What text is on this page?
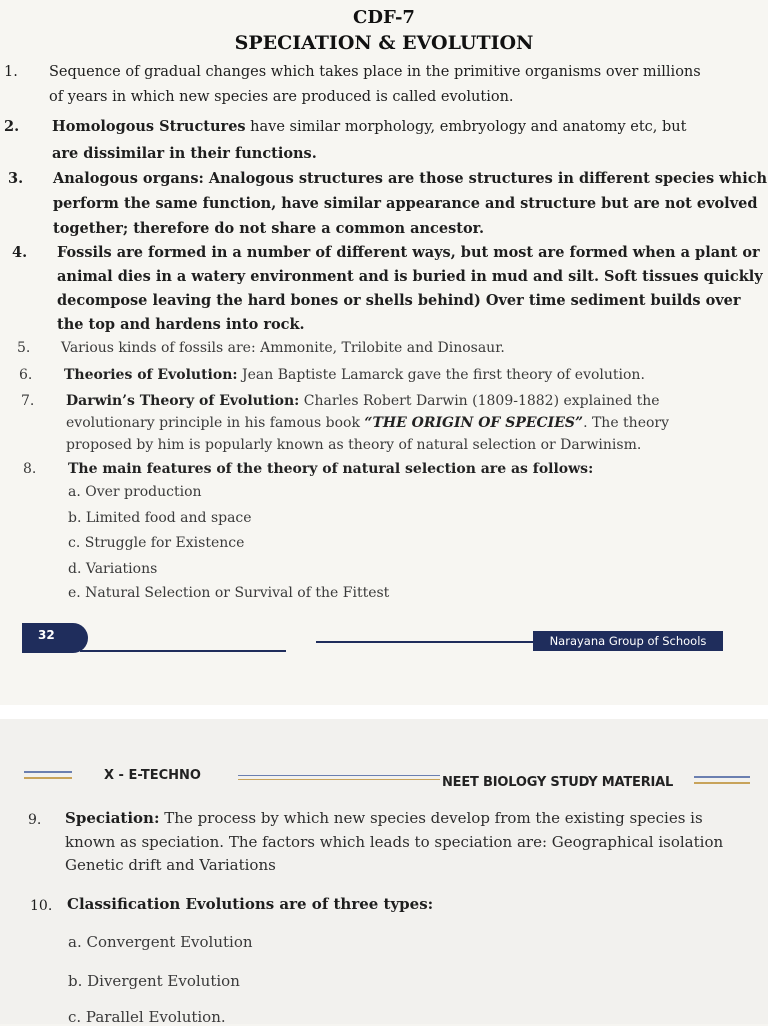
CDF-7
SPECIATION & EVOLUTION
1. Sequence of gradual changes which takes place in the primitive organisms over millions
of years in which new species are produced is called evolution.
2. Homologous Structures have similar morphology, embryology and anatomy etc, but
are dissimilar in their functions.
3. Analogous organs: Analogous structures are those structures in different species which
perform the same function, have similar appearance and structure but are not evolved
together; therefore do not share a common ancestor.
4. Fossils are formed in a number of different ways, but most are formed when a plant or
animal dies in a watery environment and is buried in mud and silt. Soft tissues quickly
decompose leaving the hard bones or shells behind) Over time sediment builds over
the top and hardens into rock.
5. Various kinds of fossils are: Ammonite, Trilobite and Dinosaur.
6. Theories of Evolution: Jean Baptiste Lamarck gave the first theory of evolution.
7. Darwin’s Theory of Evolution: Charles Robert Darwin (1809-1882) explained the
evolutionary principle in his famous book “THE ORIGIN OF SPECIES”. The theory
proposed by him is popularly known as theory of natural selection or Darwinism.
8. The main features of the theory of natural selection are as follows:
a. Over production
b. Limited food and space
c. Struggle for Existence
d. Variations
e. Natural Selection or Survival of the Fittest
32	Narayana Group of Schools
X - E-TECHNO	NEET BIOLOGY STUDY MATERIAL
9. Speciation: The process by which new species develop from the existing species is
known as speciation. The factors which leads to speciation are: Geographical isolation
Genetic drift and Variations
10. Classification Evolutions are of three types:
a. Convergent Evolution
b. Divergent Evolution
c. Parallel Evolution.
